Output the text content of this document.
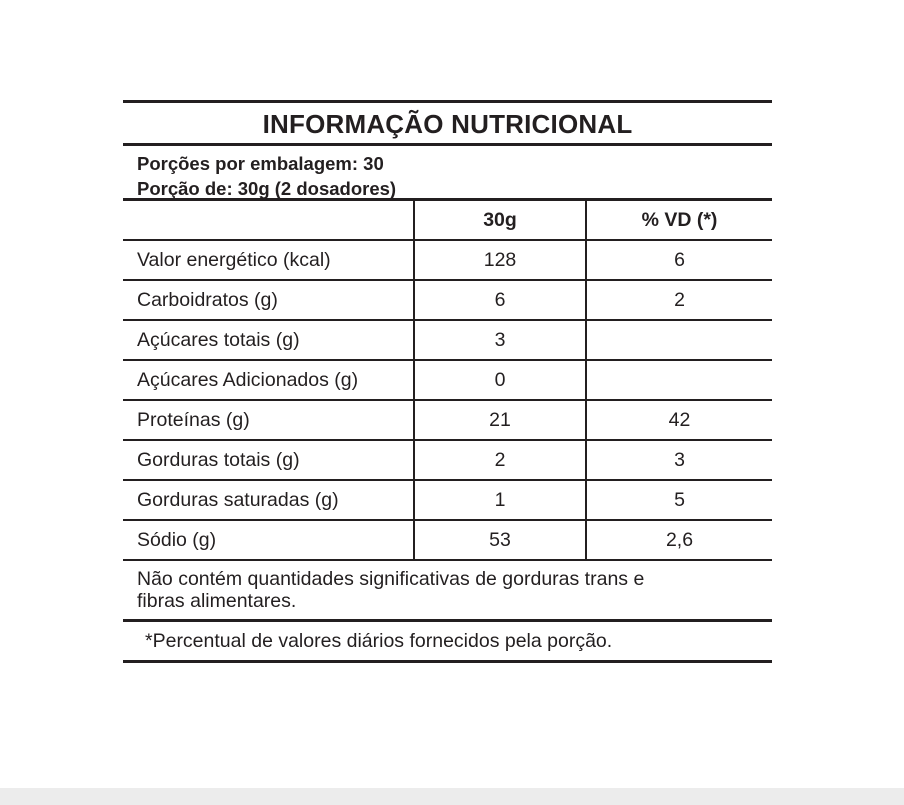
INFORMAÇÃO NUTRICIONAL
Porções por embalagem: 30
Porção de: 30g (2 dosadores)
	30g	% VD (*)
Valor energético (kcal)	128	6
Carboidratos (g)	6	2
Açúcares totais (g)	3	
Açúcares Adicionados (g)	0	
Proteínas (g)	21	42
Gorduras totais (g)	2	3
Gorduras saturadas (g)	1	5
Sódio (g)	53	2,6
Não contém quantidades significativas de gorduras trans e
fibras alimentares.
*Percentual de valores diários fornecidos pela porção.
